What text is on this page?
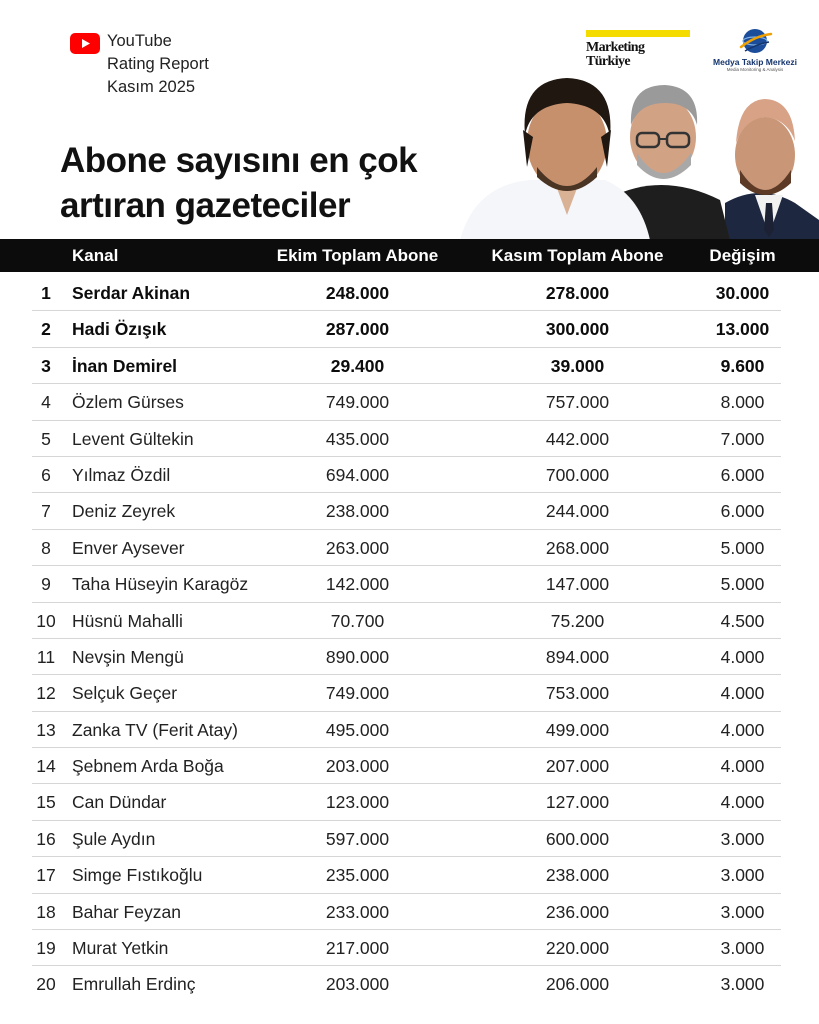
YouTube
Rating Report
Kasım 2025
Abone sayısını en çok
artıran gazeteciler
Marketing
Türkiye	Medya Takip Merkezi
Media Monitoring & Analysis
Kanal	Ekim Toplam Abone	Kasım Toplam Abone	Değişim
1	Serdar Akinan	248.000	278.000	30.000
2	Hadi Özışık	287.000	300.000	13.000
3	İnan Demirel	29.400	39.000	9.600
4	Özlem Gürses	749.000	757.000	8.000
5	Levent Gültekin	435.000	442.000	7.000
6	Yılmaz Özdil	694.000	700.000	6.000
7	Deniz Zeyrek	238.000	244.000	6.000
8	Enver Aysever	263.000	268.000	5.000
9	Taha Hüseyin Karagöz	142.000	147.000	5.000
10 Hüsnü Mahalli	70.700	75.200	4.500
11 Nevşin Mengü	890.000	894.000	4.000
12 Selçuk Geçer	749.000	753.000	4.000
13 Zanka TV (Ferit Atay)	495.000	499.000	4.000
14 Şebnem Arda Boğa	203.000	207.000	4.000
15 Can Dündar	123.000	127.000	4.000
16 Şule Aydın	597.000	600.000	3.000
17 Simge Fıstıkoğlu	235.000	238.000	3.000
18 Bahar Feyzan	233.000	236.000	3.000
19 Murat Yetkin	217.000	220.000	3.000
20 Emrullah Erdinç	203.000	206.000	3.000
